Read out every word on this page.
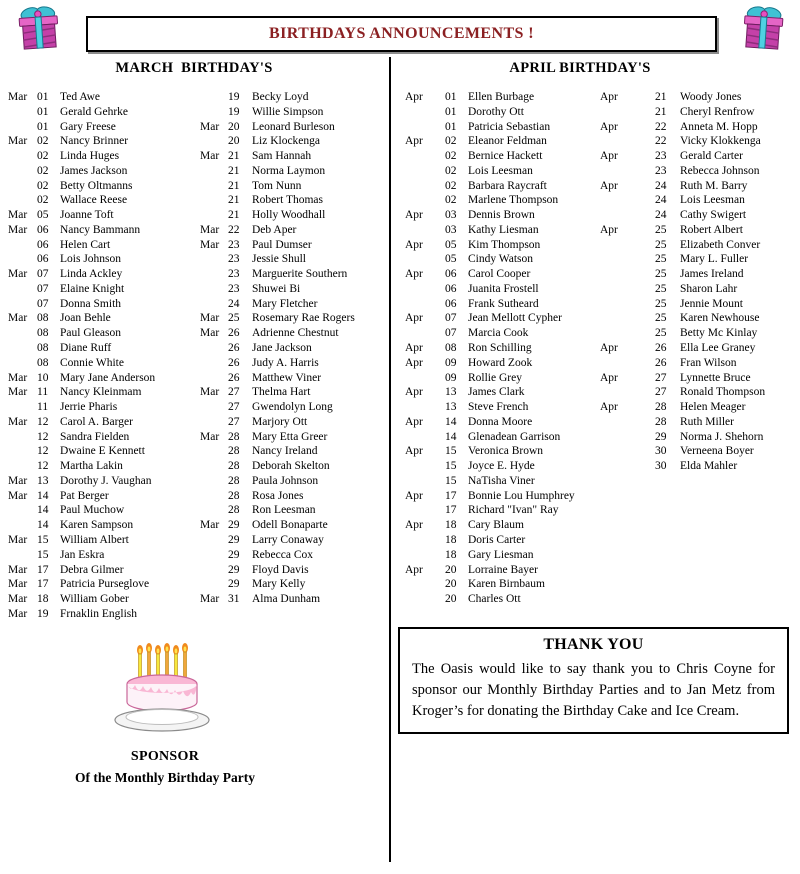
BIRTHDAYS ANNOUNCEMENTS !
MARCH  BIRTHDAY'S	APRIL BIRTHDAY'S
Mar 01	Ted Awe
01	Gerald Gehrke
01	Gary Freese
Mar 02	Nancy Brinner
02	Linda Huges
02	James Jackson
02	Betty Oltmanns
02	Wallace Reese
Mar 05	Joanne Toft
Mar 06	Nancy Bammann
06	Helen Cart
06	Lois Johnson
Mar 07	Linda Ackley
07	Elaine Knight
07	Donna Smith
Mar 08	Joan Behle
08	Paul Gleason
08	Diane Ruff
08	Connie White
Mar 10	Mary Jane Anderson
Mar 11	Nancy Kleinmam
11	Jerrie Pharis
Mar 12	Carol A. Barger
12	Sandra Fielden
12	Dwaine E Kennett
12	Martha Lakin
Mar 13	Dorothy J. Vaughan
Mar 14	Pat Berger
14	Paul Muchow
14	Karen Sampson
Mar 15	William Albert
15	Jan Eskra
Mar 17	Debra Gilmer
Mar 17	Patricia Purseglove
Mar 18	William Gober
Mar 19	Frnaklin English
19	Becky Loyd
19	Willie Simpson
Mar 20	Leonard Burleson
20	Liz Klockenga
Mar 21	Sam Hannah
21	Norma Laymon
21	Tom Nunn
21	Robert Thomas
21	Holly Woodhall
Mar 22	Deb Aper
Mar 23	Paul Dumser
23	Jessie Shull
23	Marguerite Southern
23	Shuwei Bi
24	Mary Fletcher
Mar 25	Rosemary Rae Rogers
Mar 26	Adrienne Chestnut
26	Jane Jackson
26	Judy A. Harris
26	Matthew Viner
Mar 27	Thelma Hart
27	Gwendolyn Long
27	Marjory Ott
Mar 28	Mary Etta Greer
28	Nancy Ireland
28	Deborah Skelton
28	Paula Johnson
28	Rosa Jones
28	Ron Leesman
Mar 29	Odell Bonaparte
29	Larry Conaway
29	Rebecca Cox
29	Floyd Davis
29	Mary Kelly
Mar 31	Alma Dunham
Apr	01	Ellen Burbage
01	Dorothy Ott
01	Patricia Sebastian
Apr	02	Eleanor Feldman
02	Bernice Hackett
02	Lois Leesman
02	Barbara Raycraft
02	Marlene Thompson
Apr	03	Dennis Brown
03	Kathy Liesman
Apr	05	Kim Thompson
05	Cindy Watson
Apr	06	Carol Cooper
06	Juanita Frostell
06	Frank Sutheard
Apr	07	Jean Mellott Cypher
07	Marcia Cook
Apr	08	Ron Schilling
Apr	09	Howard Zook
09	Rollie Grey
Apr	13	James Clark
13	Steve French
Apr	14	Donna Moore
14	Glenadean Garrison
Apr	15	Veronica Brown
15	Joyce E. Hyde
15	NaTisha Viner
Apr	17	Bonnie Lou Humphrey
17	Richard "Ivan" Ray
Apr	18	Cary Blaum
18	Doris Carter
18	Gary Liesman
Apr	20	Lorraine Bayer
20	Karen Birnbaum
20	Charles Ott
Apr	21	Woody Jones
21	Cheryl Renfrow
Apr	22	Anneta M. Hopp
22	Vicky Klokkenga
Apr	23	Gerald Carter
23	Rebecca Johnson
Apr	24	Ruth M. Barry
24	Lois Leesman
24	Cathy Swigert
Apr	25	Robert Albert
25	Elizabeth Conver
25	Mary L. Fuller
25	James Ireland
25	Sharon Lahr
25	Jennie Mount
25	Karen Newhouse
25	Betty Mc Kinlay
Apr	26	Ella Lee Graney
26	Fran Wilson
Apr	27	Lynnette Bruce
27	Ronald Thompson
Apr	28	Helen Meager
28	Ruth Miller
29	Norma J. Shehorn
30	Verneena Boyer
30	Elda Mahler
SPONSOR
Of the Monthly Birthday Party
THANK YOU

The Oasis would like to say thank you to Chris Coyne for sponsor our Monthly Birthday Parties and to Jan Metz from Kroger’s for donating the Birthday Cake and Ice Cream.
